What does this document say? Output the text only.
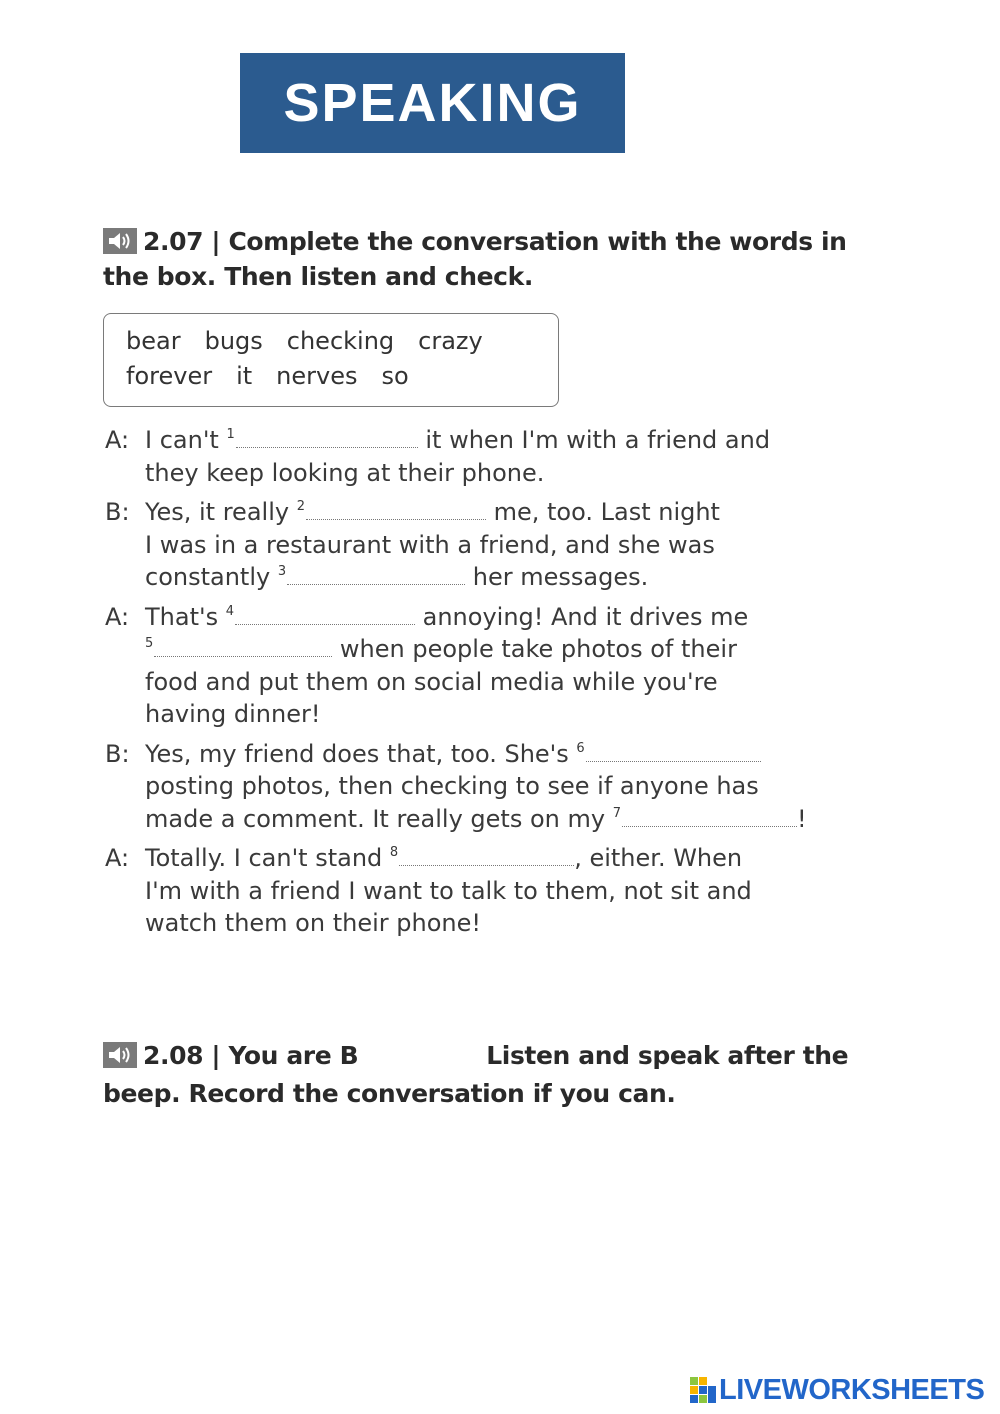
SPEAKING
2.07 | Complete the conversation with the words in the box. Then listen and check.
bear bugs checking crazy
forever it nerves so
A: I can't $^1$	it when I'm with a friend and
they keep looking at their phone.
B: Yes, it really $^2$	me, too. Last night
I was in a restaurant with a friend, and she was
constantly $^3$	her messages.
A: That's $^4$	annoying! And it drives me
$^5$	when people take photos of their
food and put them on social media while you're
having dinner!
B: Yes, my friend does that, too. She's $^6$
posting photos, then checking to see if anyone has
made a comment. It really gets on my $^7$	!
A: Totally. I can't stand $^8$	, either. When
I'm with a friend I want to talk to them, not sit and
watch them on their phone!
2.08 | You are B	Listen and speak after the
beep. Record the conversation if you can.
LIVEWORKSHEETS
